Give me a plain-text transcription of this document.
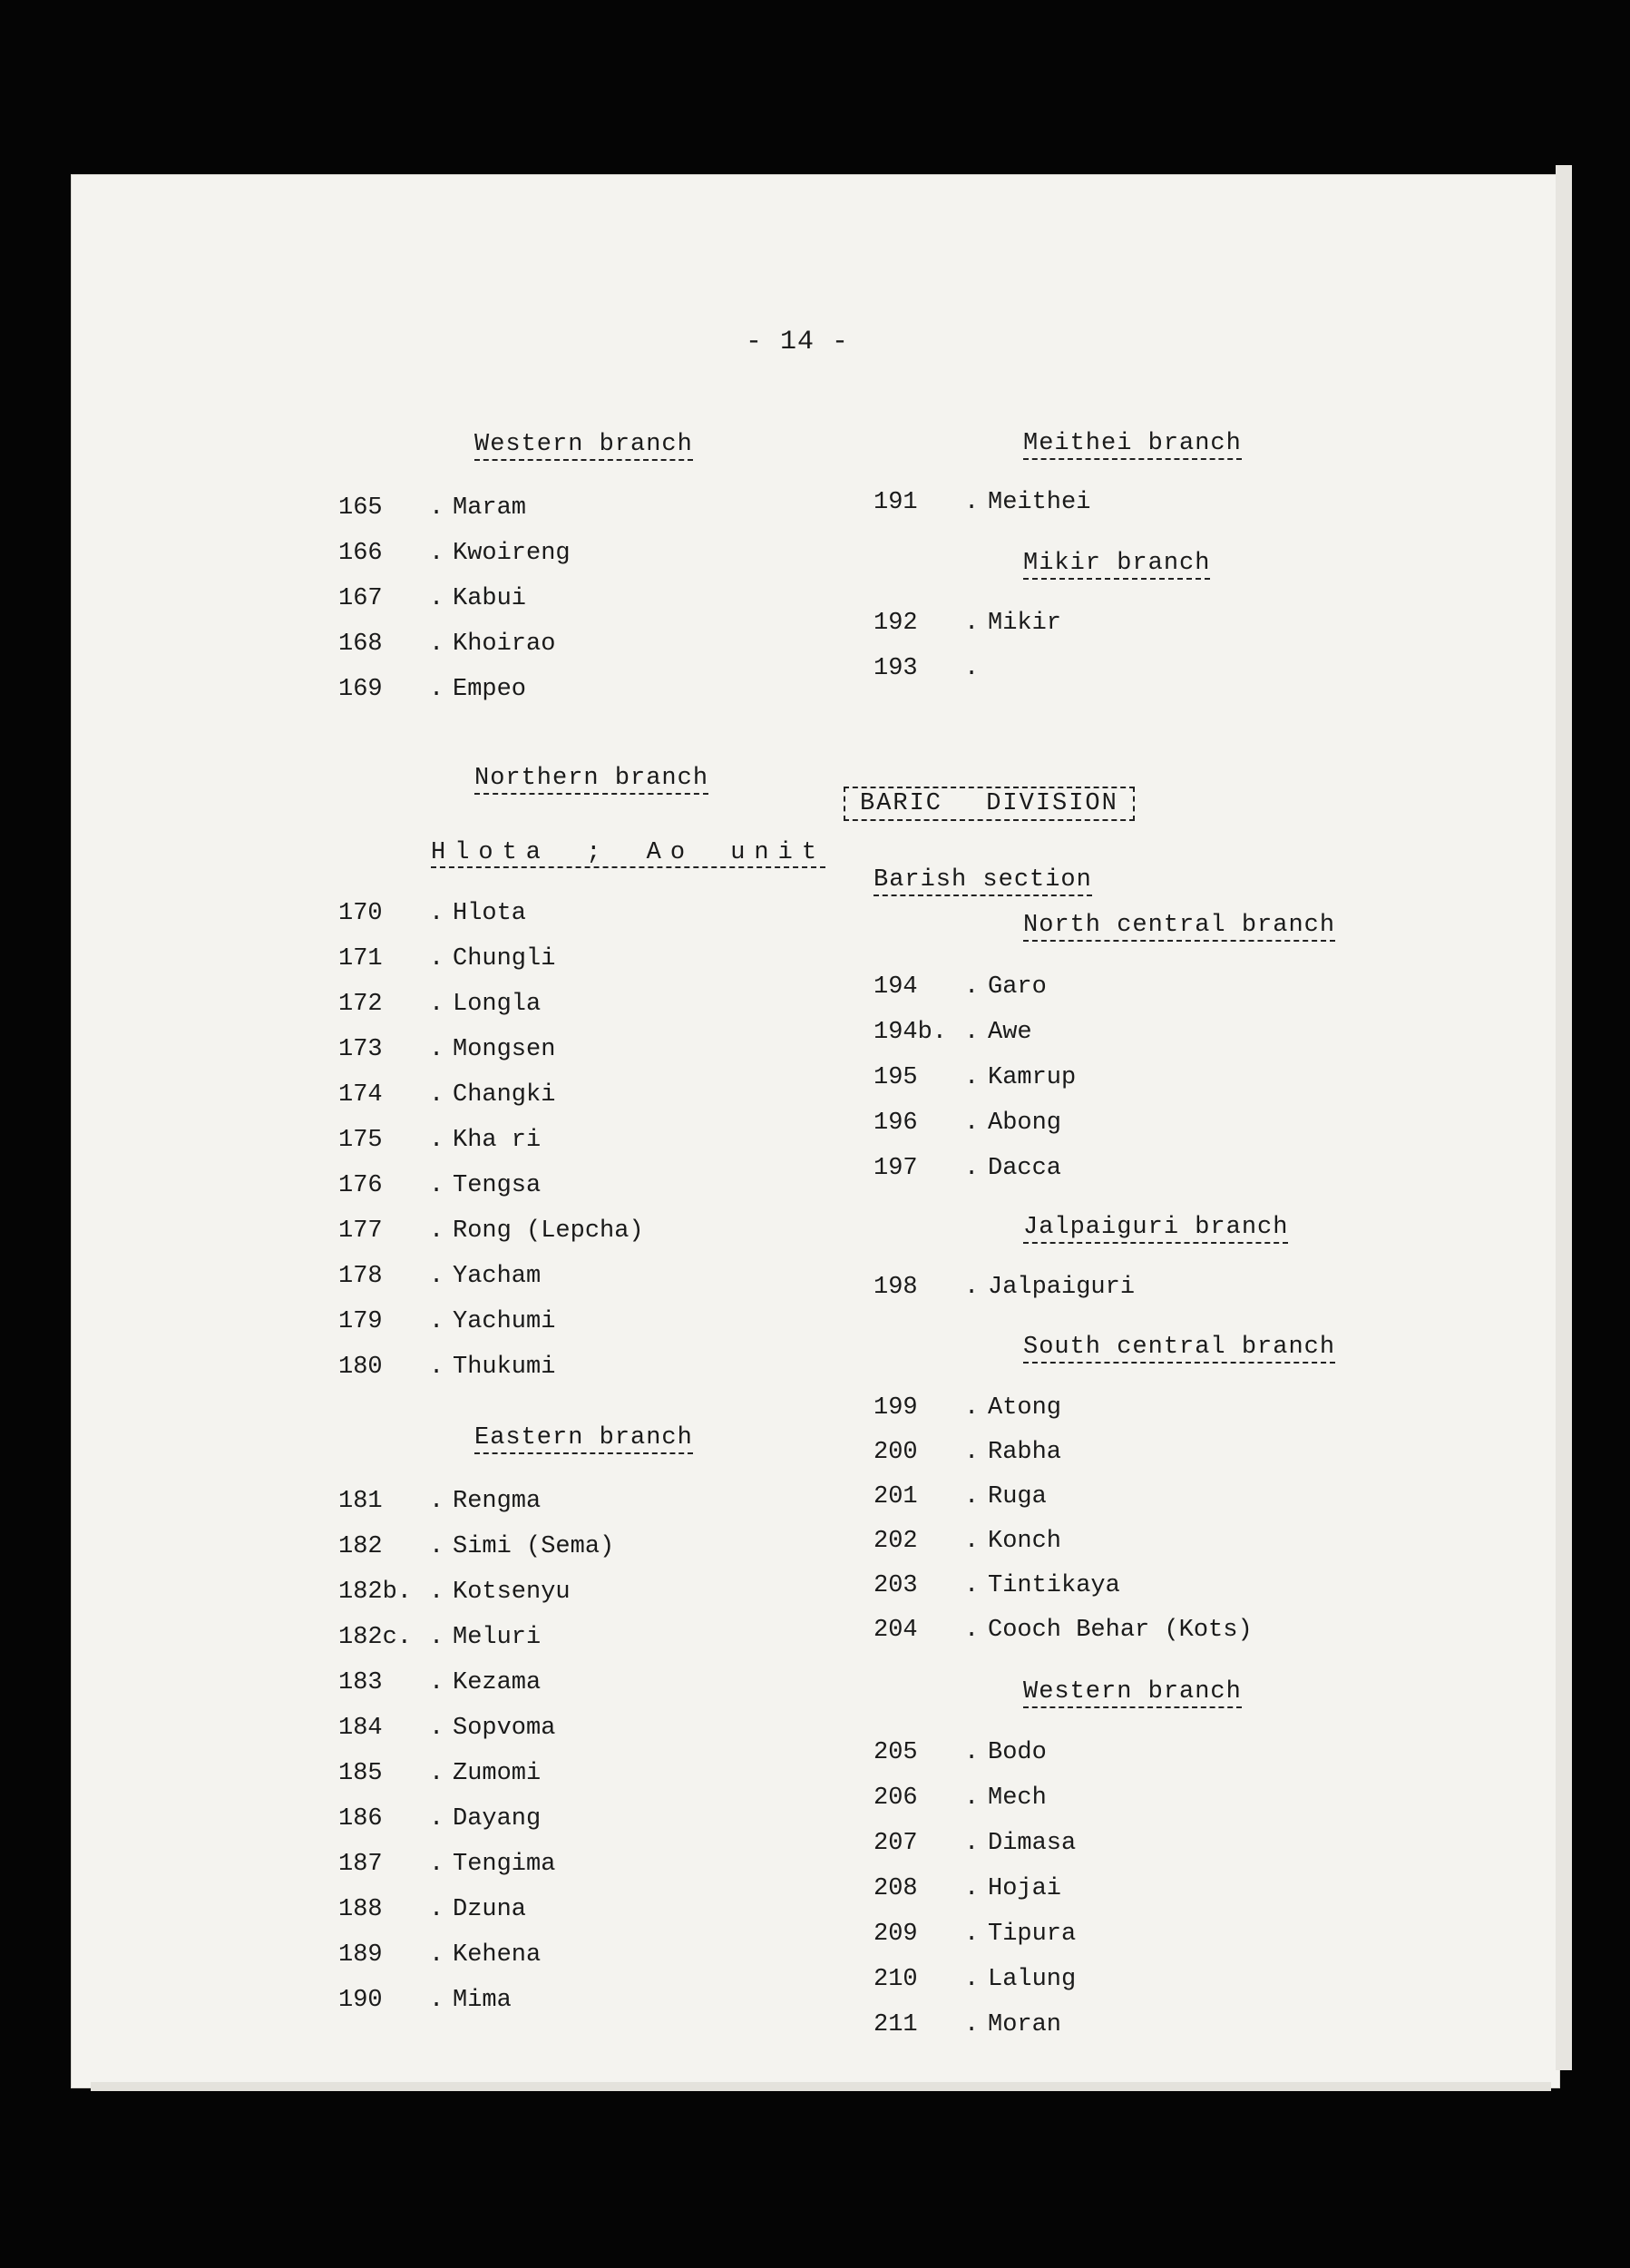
- 14 -
Western branch
165 . Maram
166 . Kwoireng
167 . Kabui
168 . Khoirao
169 . Empeo
Northern branch
Hlota ; Ao unit
170 . Hlota
171 . Chungli
172 . Longla
173 . Mongsen
174 . Changki
175 . Kha ri
176 . Tengsa
177 . Rong (Lepcha)
178 . Yacham
179 . Yachumi
180 . Thukumi
Eastern branch
181 . Rengma
182 . Simi (Sema)
182b. . Kotsenyu
182c. . Meluri
183 . Kezama
184 . Sopvoma
185 . Zumomi
186 . Dayang
187 . Tengima
188 . Dzuna
189 . Kehena
190 . Mima
Meithei branch
191 . Meithei
Mikir branch
192 . Mikir
193 .
BARIC DIVISION
Barish section
North central branch
194 . Garo
194b. . Awe
195 . Kamrup
196 . Abong
197 . Dacca
Jalpaiguri branch
198 . Jalpaiguri
South central branch
199 . Atong
200 . Rabha
201 . Ruga
202 . Konch
203 . Tintikaya
204 . Cooch Behar (Kots)
Western branch
205 . Bodo
206 . Mech
207 . Dimasa
208 . Hojai
209 . Tipura
210 . Lalung
211 . Moran
